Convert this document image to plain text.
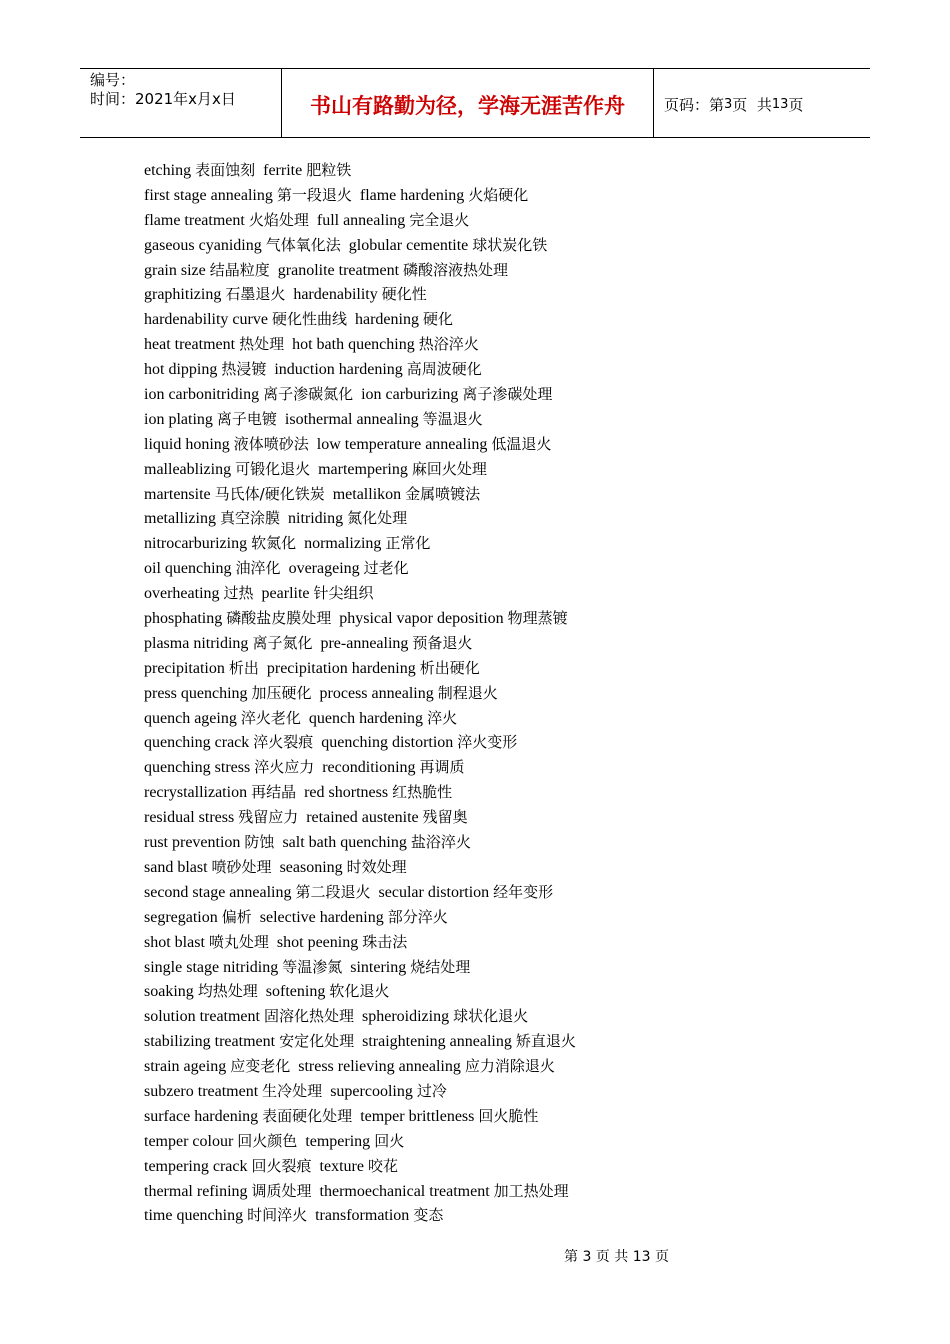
编号：
时间：2021年x月x日	书山有路勤为径，学海无涯苦作舟	页码：第 3 页  共 13 页
etching 表面蚀刻 ferrite 肥粒铁
first stage annealing 第一段退火 flame hardening 火焰硬化
flame treatment 火焰处理 full annealing 完全退火
gaseous cyaniding 气体氧化法 globular cementite 球状炭化铁
grain size 结晶粒度 granolite treatment 磷酸溶液热处理
graphitizing 石墨退火 hardenability 硬化性
hardenability curve 硬化性曲线 hardening 硬化
heat treatment 热处理 hot bath quenching 热浴淬火
hot dipping 热浸镀 induction hardening 高周波硬化
ion carbonitriding 离子渗碳氮化 ion carburizing 离子渗碳处理
ion plating 离子电镀 isothermal annealing 等温退火
liquid honing 液体喷砂法 low temperature annealing 低温退火
malleablizing 可锻化退火 martempering 麻回火处理
martensite 马氏体/硬化铁炭 metallikon 金属喷镀法
metallizing 真空涂膜 nitriding 氮化处理
nitrocarburizing 软氮化 normalizing 正常化
oil quenching 油淬化 overageing 过老化
overheating 过热 pearlite 针尖组织
phosphating 磷酸盐皮膜处理 physical vapor deposition 物理蒸镀
plasma nitriding 离子氮化 pre-annealing 预备退火
precipitation 析出 precipitation hardening 析出硬化
press quenching 加压硬化 process annealing 制程退火
quench ageing 淬火老化 quench hardening 淬火
quenching crack 淬火裂痕 quenching distortion 淬火变形
quenching stress 淬火应力 reconditioning 再调质
recrystallization 再结晶 red shortness 红热脆性
residual stress 残留应力 retained austenite 残留奥
rust prevention 防蚀 salt bath quenching 盐浴淬火
sand blast 喷砂处理 seasoning 时效处理
second stage annealing 第二段退火 secular distortion 经年变形
segregation 偏析 selective hardening 部分淬火
shot blast 喷丸处理 shot peening 珠击法
single stage nitriding 等温渗氮 sintering 烧结处理
soaking 均热处理 softening 软化退火
solution treatment 固溶化热处理 spheroidizing 球状化退火
stabilizing treatment 安定化处理 straightening annealing 矫直退火
strain ageing 应变老化 stress relieving annealing 应力消除退火
subzero treatment 生冷处理 supercooling 过冷
surface hardening 表面硬化处理 temper brittleness 回火脆性
temper colour 回火颜色 tempering 回火
tempering crack 回火裂痕 texture 咬花
thermal refining 调质处理 thermoechanical treatment 加工热处理
time quenching 时间淬火 transformation 变态
第 3 页 共 13 页
